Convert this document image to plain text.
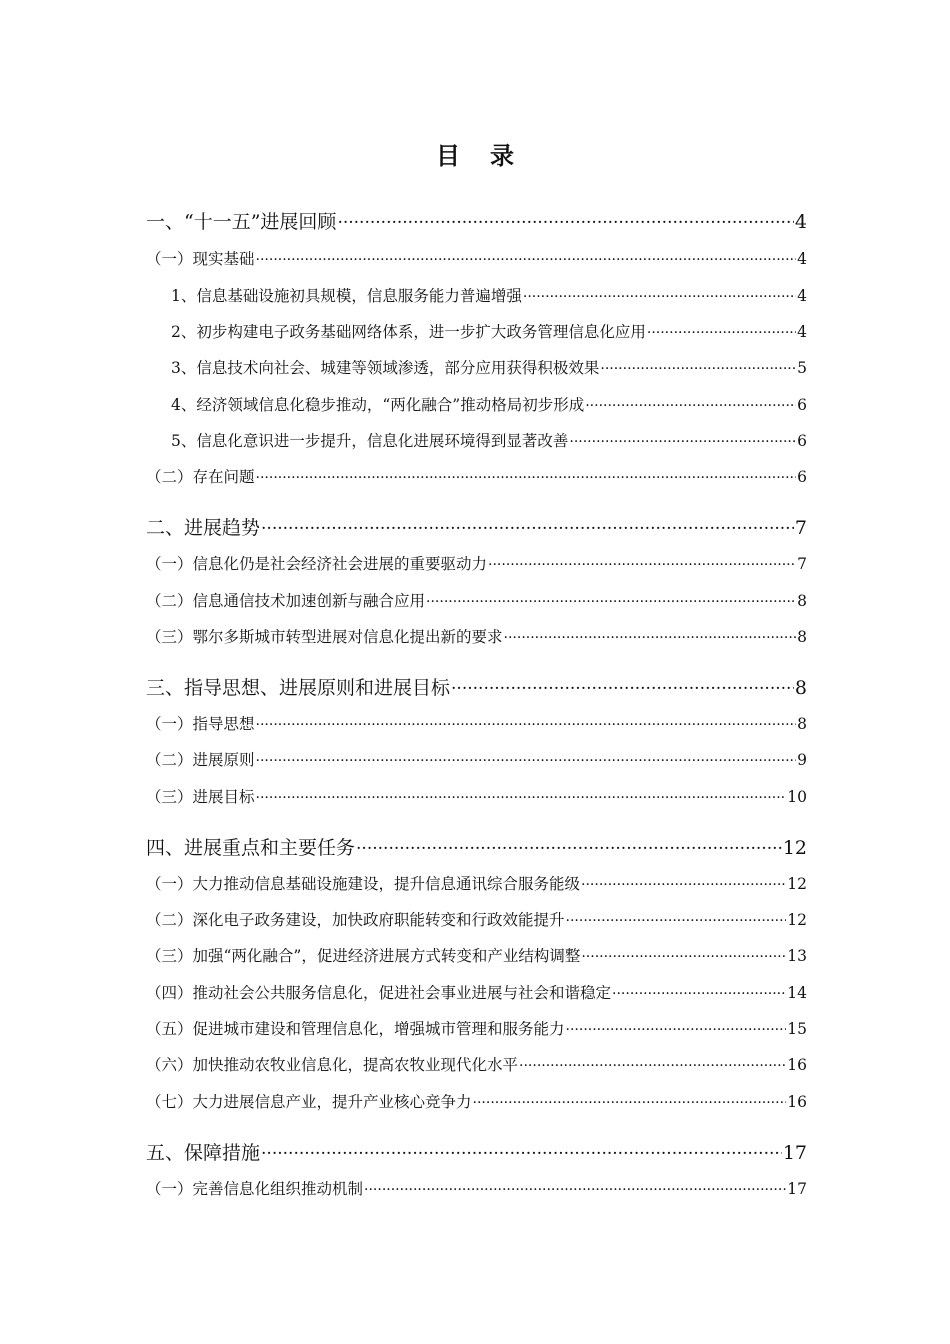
目 录
一、“十一五”进展回顾 .....	4
（一）现实基础 .....	4
1、信息基础设施初具规模，信息服务能力普遍增强 .....	4
2、初步构建电子政务基础网络体系，进一步扩大政务管理信息化应用 .....	4
3、信息技术向社会、城建等领域渗透，部分应用获得积极效果 .....	5
4、经济领域信息化稳步推动，“两化融合”推动格局初步形成 .....	6
5、信息化意识进一步提升，信息化进展环境得到显著改善 .....	6
（二）存在问题 .....	6
二、进展趋势 .....	7
（一）信息化仍是社会经济社会进展的重要驱动力 .....	7
（二）信息通信技术加速创新与融合应用 .....	8
（三）鄂尔多斯城市转型进展对信息化提出新的要求 .....	8
三、指导思想、进展原则和进展目标 .....	8
（一）指导思想 .....	8
（二）进展原则 .....	9
（三）进展目标 .....	10
四、进展重点和主要任务 .....	12
（一）大力推动信息基础设施建设，提升信息通讯综合服务能级 .....	12
（二）深化电子政务建设，加快政府职能转变和行政效能提升 .....	12
（三）加强“两化融合”，促进经济进展方式转变和产业结构调整 .....	13
（四）推动社会公共服务信息化，促进社会事业进展与社会和谐稳定 .....	14
（五）促进城市建设和管理信息化，增强城市管理和服务能力 .....	15
（六）加快推动农牧业信息化，提高农牧业现代化水平 .....	16
（七）大力进展信息产业，提升产业核心竞争力 .....	16
五、保障措施 .....	17
（一）完善信息化组织推动机制 .....	17
